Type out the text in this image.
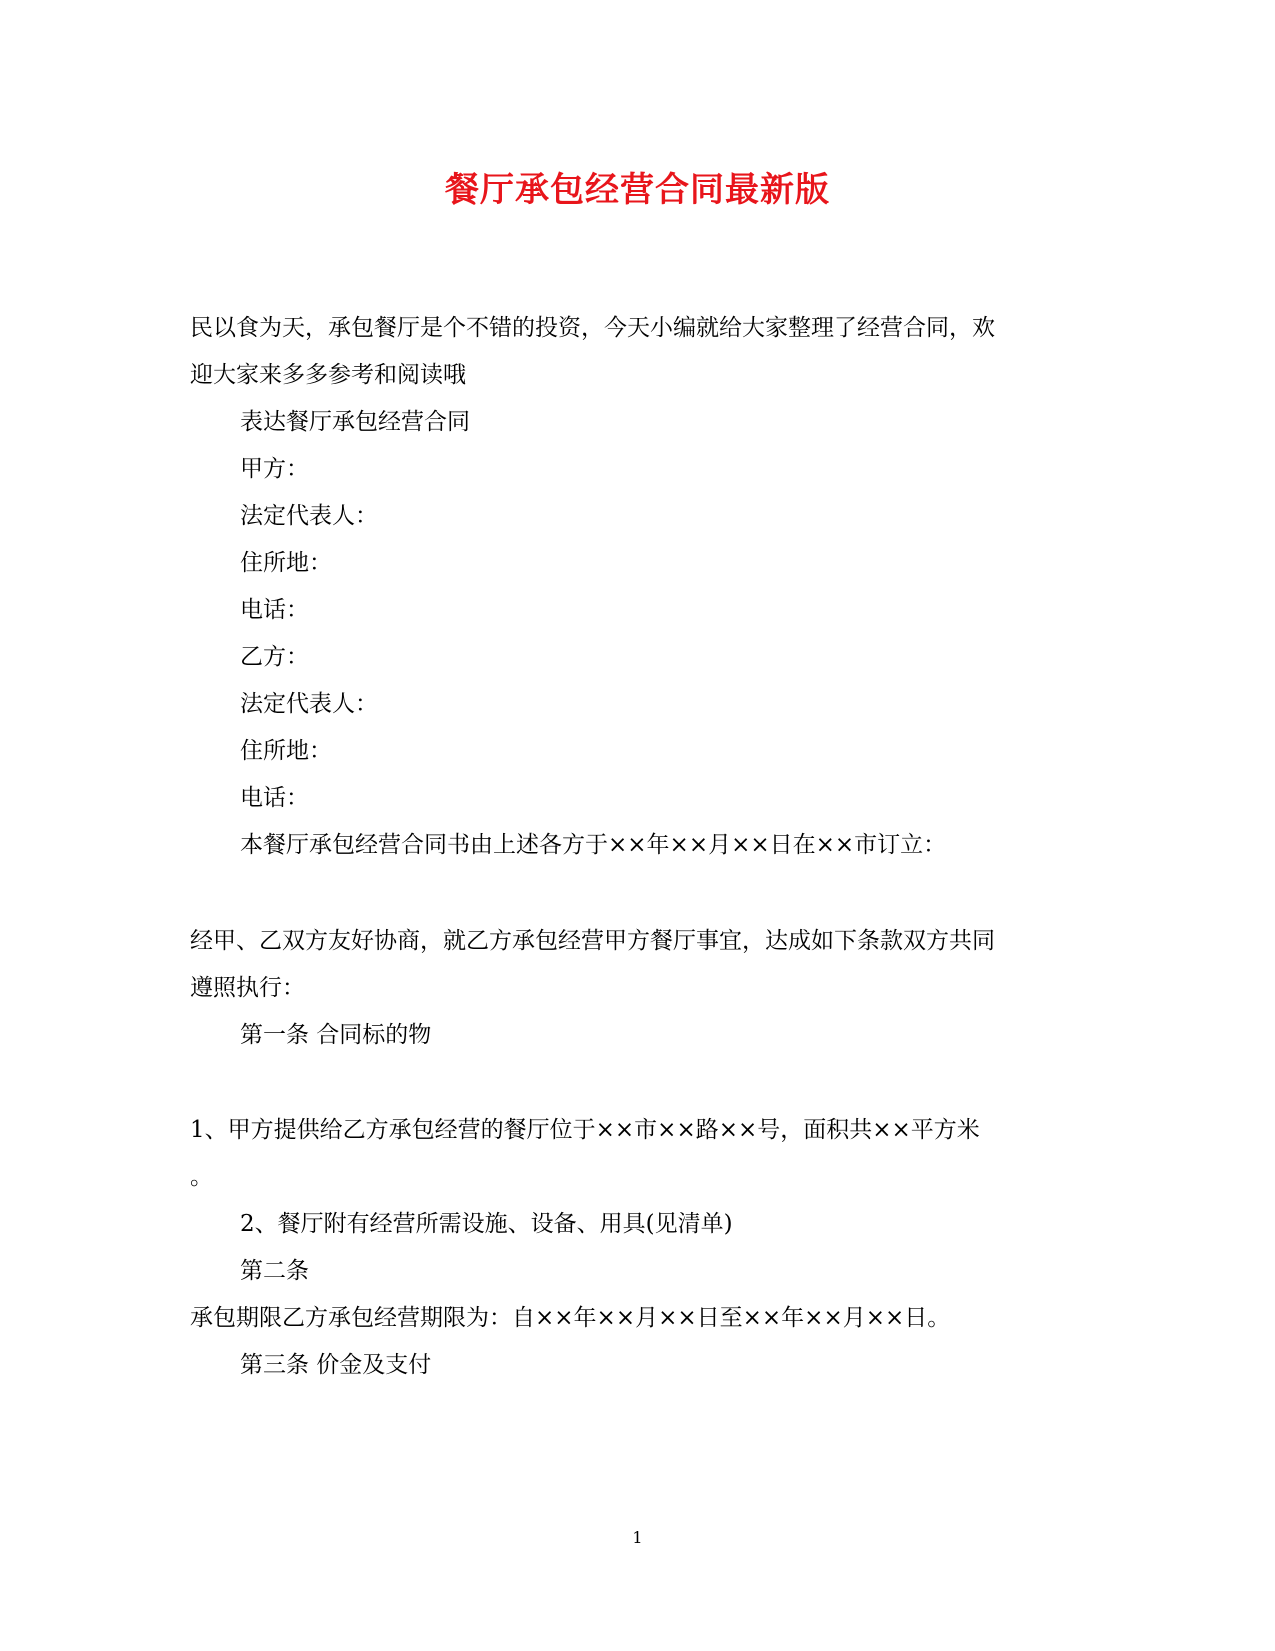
餐厅承包经营合同最新版
民以食为天，承包餐厅是个不错的投资，今天小编就给大家整理了经营合同，欢
迎大家来多多参考和阅读哦
表达餐厅承包经营合同
甲方：
法定代表人：
住所地：
电话：
乙方：
法定代表人：
住所地：
电话：
本餐厅承包经营合同书由上述各方于××年××月××日在××市订立：
经甲、乙双方友好协商，就乙方承包经营甲方餐厅事宜，达成如下条款双方共同
遵照执行：
第一条 合同标的物
1、甲方提供给乙方承包经营的餐厅位于××市××路××号，面积共××平方米
。
2、餐厅附有经营所需设施、设备、用具(见清单)
第二条
承包期限乙方承包经营期限为：自××年××月××日至××年××月××日。
第三条 价金及支付
1
